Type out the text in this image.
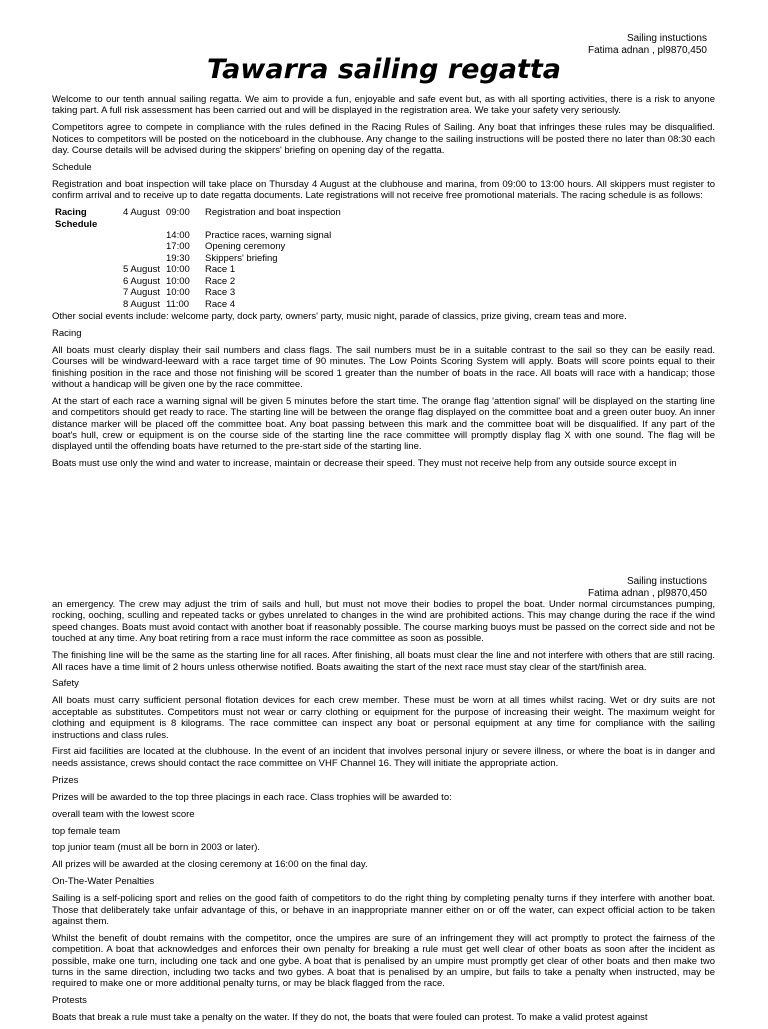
Sailing instuctions
Fatima adnan , pl9870,450
Tawarra sailing regatta

Welcome to our tenth annual sailing regatta. We aim to provide a fun, enjoyable and safe event but, as with all sporting activities, there is a risk to anyone taking part. A full risk assessment has been carried out and will be displayed in the registration area. We take your safety very seriously.

Competitors agree to compete in compliance with the rules defined in the Racing Rules of Sailing. Any boat that infringes these rules may be disqualified. Notices to competitors will be posted on the noticeboard in the clubhouse. Any change to the sailing instructions will be posted there no later than 08:30 each day. Course details will be advised during the skippers' briefing on opening day of the regatta.

Schedule

Registration and boat inspection will take place on Thursday 4 August at the clubhouse and marina, from 09:00 to 13:00 hours. All skippers must register to confirm arrival and to receive up to date regatta documents. Late registrations will not receive free promotional materials. The racing schedule is as follows:

Racing
Schedule	4 August	09:00	Registration and boat inspection
		14:00	Practice races, warning signal
		17:00	Opening ceremony
		19:30	Skippers' briefing
	5 August	10:00	Race 1
	6 August	10:00	Race 2
	7 August	10:00	Race 3
	8 August	11:00	Race 4

Other social events include: welcome party, dock party, owners' party, music night, parade of classics, prize giving, cream teas and more.

Racing

All boats must clearly display their sail numbers and class flags. The sail numbers must be in a suitable contrast to the sail so they can be easily read. Courses will be windward-leeward with a race target time of 90 minutes. The Low Points Scoring System will apply. Boats will score points equal to their finishing position in the race and those not finishing will be scored 1 greater than the number of boats in the race. All boats will race with a handicap; those without a handicap will be given one by the race committee.

At the start of each race a warning signal will be given 5 minutes before the start time. The orange flag 'attention signal' will be displayed on the starting line and competitors should get ready to race. The starting line will be between the orange flag displayed on the committee boat and a green outer buoy. An inner distance marker will be placed off the committee boat. Any boat passing between this mark and the committee boat will be disqualified. If any part of the boat's hull, crew or equipment is on the course side of the starting line the race committee will promptly display flag X with one sound. The flag will be displayed until the offending boats have returned to the pre-start side of the starting line.

Boats must use only the wind and water to increase, maintain or decrease their speed. They must not receive help from any outside source except in

Sailing instuctions
Fatima adnan , pl9870,450

an emergency. The crew may adjust the trim of sails and hull, but must not move their bodies to propel the boat. Under normal circumstances pumping, rocking, ooching, sculling and repeated tacks or gybes unrelated to changes in the wind are prohibited actions. This may change during the race if the wind speed changes. Boats must avoid contact with another boat if reasonably possible. The course marking buoys must be passed on the correct side and not be touched at any time. Any boat retiring from a race must inform the race committee as soon as possible.

The finishing line will be the same as the starting line for all races. After finishing, all boats must clear the line and not interfere with others that are still racing. All races have a time limit of 2 hours unless otherwise notified. Boats awaiting the start of the next race must stay clear of the start/finish area.

Safety

All boats must carry sufficient personal flotation devices for each crew member. These must be worn at all times whilst racing. Wet or dry suits are not acceptable as substitutes. Competitors must not wear or carry clothing or equipment for the purpose of increasing their weight. The maximum weight for clothing and equipment is 8 kilograms. The race committee can inspect any boat or personal equipment at any time for compliance with the sailing instructions and class rules.

First aid facilities are located at the clubhouse. In the event of an incident that involves personal injury or severe illness, or where the boat is in danger and needs assistance, crews should contact the race committee on VHF Channel 16. They will initiate the appropriate action.

Prizes

Prizes will be awarded to the top three placings in each race. Class trophies will be awarded to:

overall team with the lowest score

top female team

top junior team (must all be born in 2003 or later).

All prizes will be awarded at the closing ceremony at 16:00 on the final day.

On-The-Water Penalties

Sailing is a self-policing sport and relies on the good faith of competitors to do the right thing by completing penalty turns if they interfere with another boat. Those that deliberately take unfair advantage of this, or behave in an inappropriate manner either on or off the water, can expect official action to be taken against them.

Whilst the benefit of doubt remains with the competitor, once the umpires are sure of an infringement they will act promptly to protect the fairness of the competition. A boat that acknowledges and enforces their own penalty for breaking a rule must get well clear of other boats as soon after the incident as possible, make one turn, including one tack and one gybe. A boat that is penalised by an umpire must promptly get clear of other boats and then make two turns in the same direction, including two tacks and two gybes. A boat that is penalised by an umpire, but fails to take a penalty when instructed, may be required to make one or more additional penalty turns, or may be black flagged from the race.

Protests

Boats that break a rule must take a penalty on the water. If they do not, the boats that were fouled can protest. To make a valid protest against
